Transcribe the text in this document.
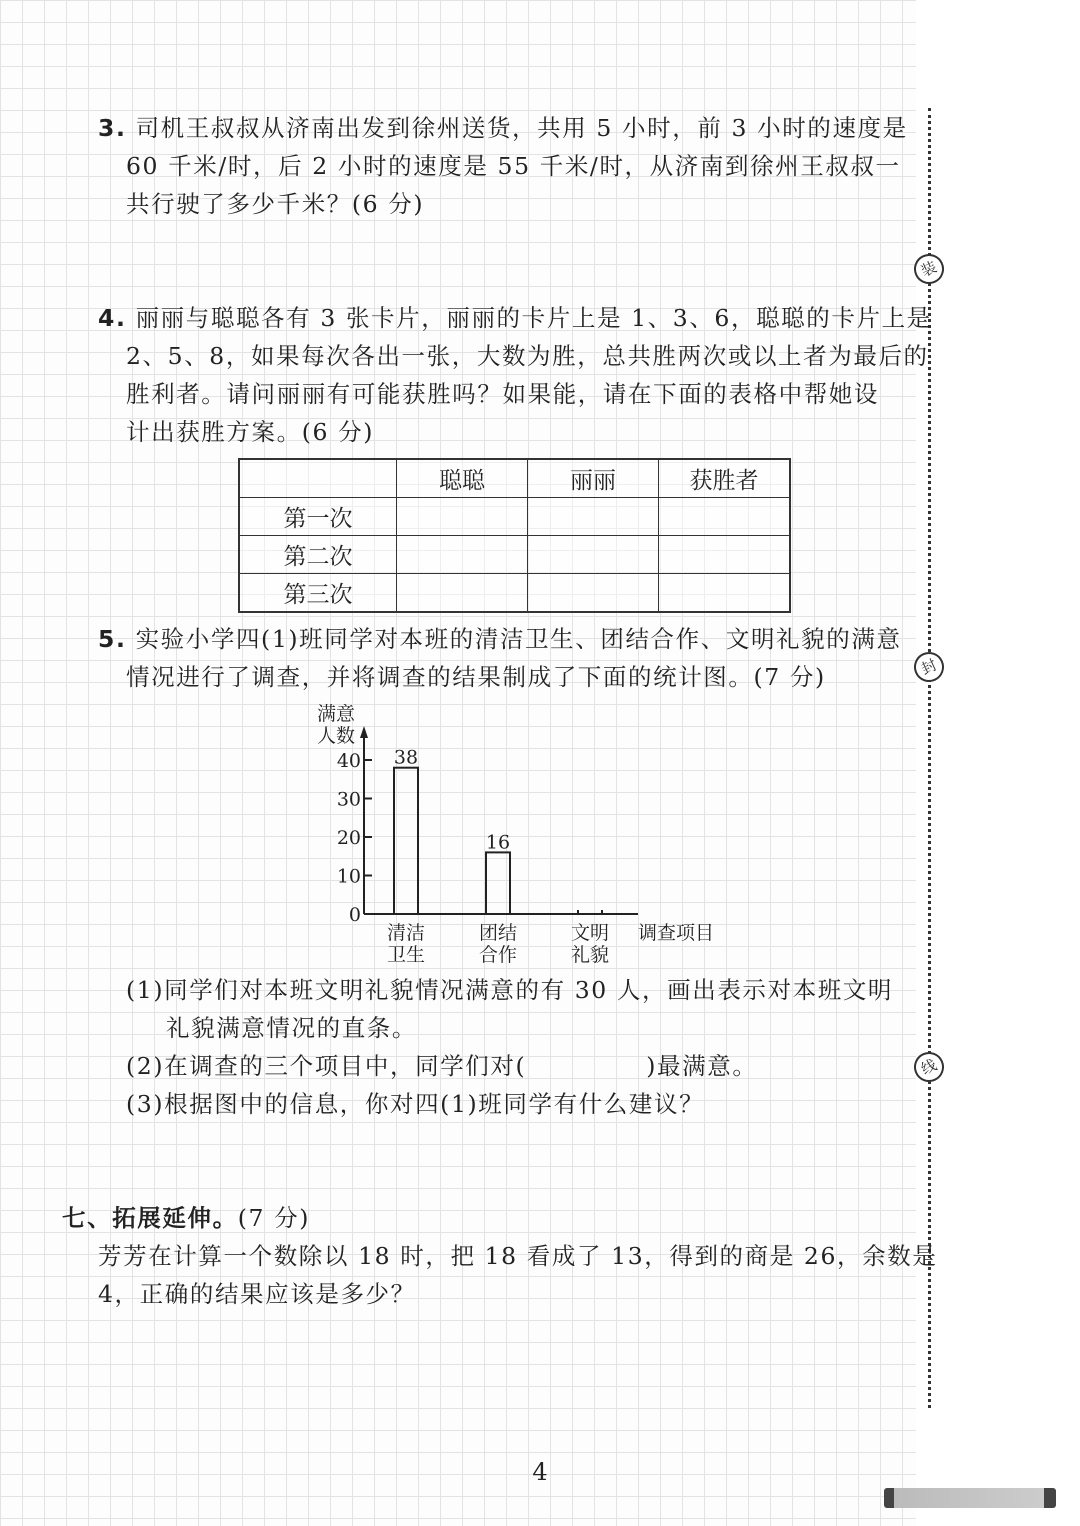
装
封
线
3. 司机王叔叔从济南出发到徐州送货，共用 5 小时，前 3 小时的速度是
60 千米/时，后 2 小时的速度是 55 千米/时，从济南到徐州王叔叔一
共行驶了多少千米？(6 分)
4. 丽丽与聪聪各有 3 张卡片，丽丽的卡片上是 1、3、6，聪聪的卡片上是
2、5、8，如果每次各出一张，大数为胜，总共胜两次或以上者为最后的
胜利者。请问丽丽有可能获胜吗？如果能，请在下面的表格中帮她设
计出获胜方案。(6 分)
	聪聪	丽丽	获胜者
第一次			
第二次			
第三次			
5. 实验小学四(1)班同学对本班的清洁卫生、团结合作、文明礼貌的满意
情况进行了调查，并将调查的结果制成了下面的统计图。(7 分)
满意
人数
调查项目
0
10
20
30
40 38
16
清洁
卫生
团结
合作
文明
礼貌
(1)同学们对本班文明礼貌情况满意的有 30 人，画出表示对本班文明
礼貌满意情况的直条。
(2)在调查的三个项目中，同学们对(	)最满意。
(3)根据图中的信息，你对四(1)班同学有什么建议？
七、拓展延伸。(7 分)
芳芳在计算一个数除以 18 时，把 18 看成了 13，得到的商是 26，余数是
4，正确的结果应该是多少？
4
